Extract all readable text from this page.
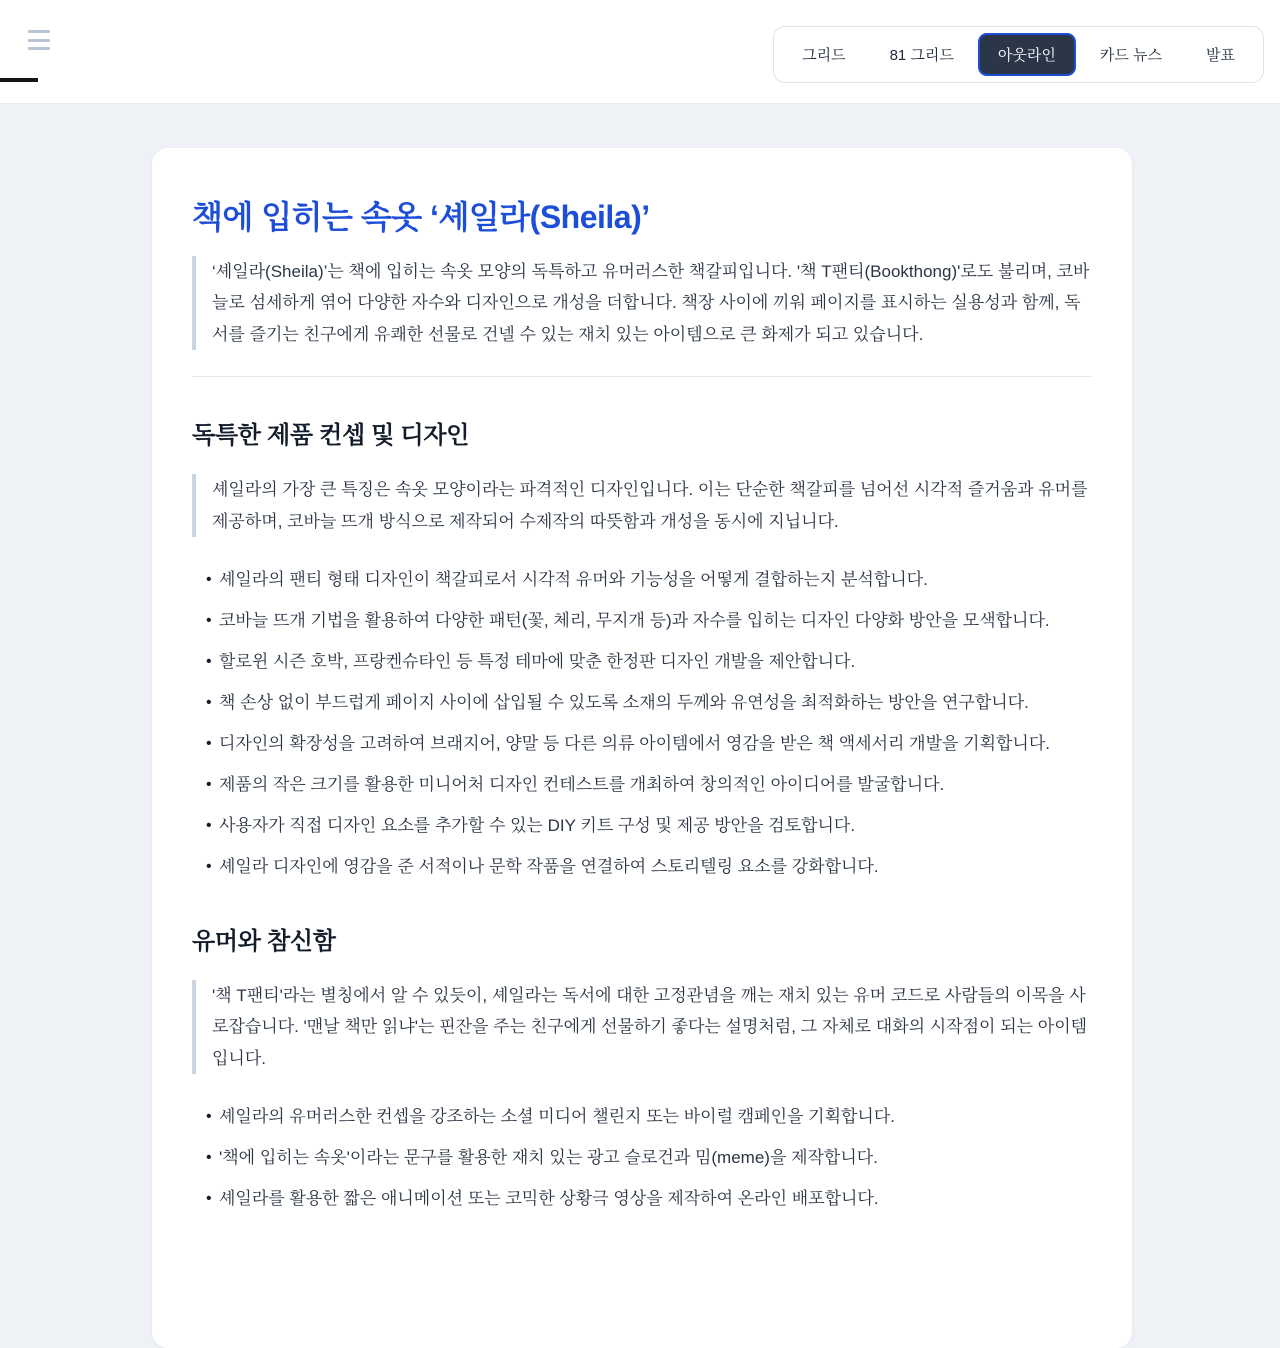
그리드	81 그리드	아웃라인	카드 뉴스	발표
책에 입히는 속옷 ‘셰일라(Sheila)’

‘셰일라(Sheila)’는 책에 입히는 속옷 모양의 독특하고 유머러스한 책갈피입니다. '책 T팬티(Bookthong)'로도 불리며, 코바늘로 섬세하게 엮어 다양한 자수와 디자인으로 개성을 더합니다. 책장 사이에 끼워 페이지를 표시하는 실용성과 함께, 독서를 즐기는 친구에게 유쾌한 선물로 건넬 수 있는 재치 있는 아이템으로 큰 화제가 되고 있습니다.

독특한 제품 컨셉 및 디자인

셰일라의 가장 큰 특징은 속옷 모양이라는 파격적인 디자인입니다. 이는 단순한 책갈피를 넘어선 시각적 즐거움과 유머를 제공하며, 코바늘 뜨개 방식으로 제작되어 수제작의 따뜻함과 개성을 동시에 지닙니다.

• 셰일라의 팬티 형태 디자인이 책갈피로서 시각적 유머와 기능성을 어떻게 결합하는지 분석합니다.
• 코바늘 뜨개 기법을 활용하여 다양한 패턴(꽃, 체리, 무지개 등)과 자수를 입히는 디자인 다양화 방안을 모색합니다.
• 할로윈 시즌 호박, 프랑켄슈타인 등 특정 테마에 맞춘 한정판 디자인 개발을 제안합니다.
• 책 손상 없이 부드럽게 페이지 사이에 삽입될 수 있도록 소재의 두께와 유연성을 최적화하는 방안을 연구합니다.
• 디자인의 확장성을 고려하여 브래지어, 양말 등 다른 의류 아이템에서 영감을 받은 책 액세서리 개발을 기획합니다.
• 제품의 작은 크기를 활용한 미니어처 디자인 컨테스트를 개최하여 창의적인 아이디어를 발굴합니다.
• 사용자가 직접 디자인 요소를 추가할 수 있는 DIY 키트 구성 및 제공 방안을 검토합니다.
• 셰일라 디자인에 영감을 준 서적이나 문학 작품을 연결하여 스토리텔링 요소를 강화합니다.
유머와 참신함

'책 T팬티'라는 별칭에서 알 수 있듯이, 셰일라는 독서에 대한 고정관념을 깨는 재치 있는 유머 코드로 사람들의 이목을 사로잡습니다. '맨날 책만 읽냐'는 핀잔을 주는 친구에게 선물하기 좋다는 설명처럼, 그 자체로 대화의 시작점이 되는 아이템입니다.

• 셰일라의 유머러스한 컨셉을 강조하는 소셜 미디어 챌린지 또는 바이럴 캠페인을 기획합니다.
• '책에 입히는 속옷'이라는 문구를 활용한 재치 있는 광고 슬로건과 밈(meme)을 제작합니다.
• 셰일라를 활용한 짧은 애니메이션 또는 코믹한 상황극 영상을 제작하여 온라인 배포합니다.
